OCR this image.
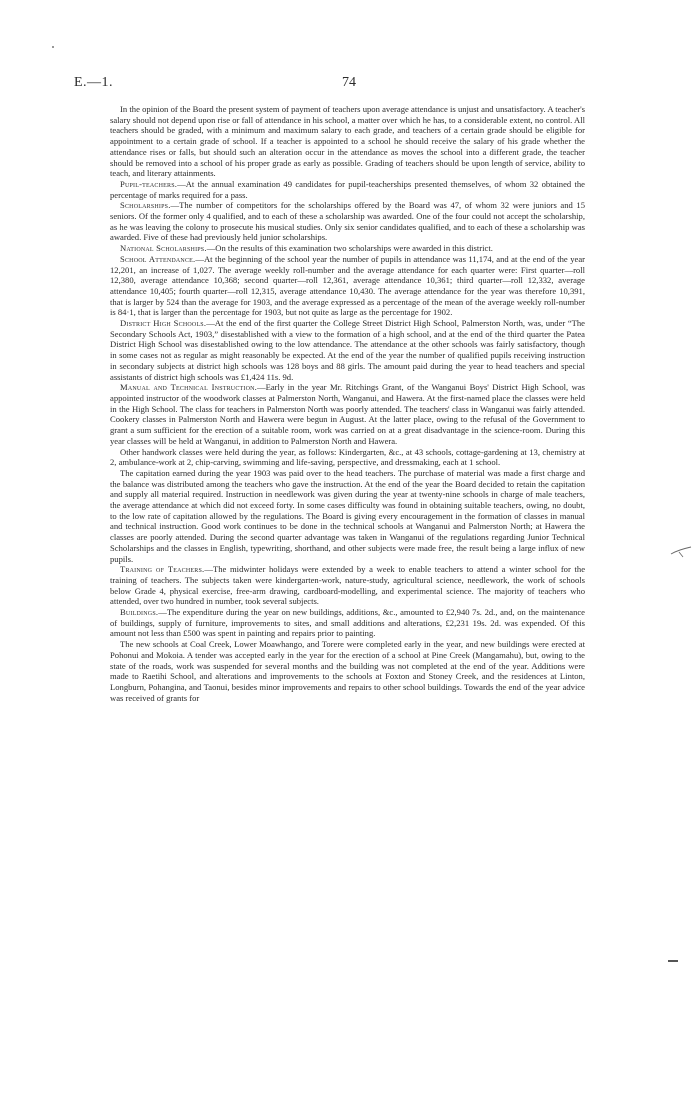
E.—1.	74

In the opinion of the Board the present system of payment of teachers upon average attendance is unjust and unsatisfactory. A teacher's salary should not depend upon rise or fall of attendance in his school, a matter over which he has, to a considerable extent, no control. All teachers should be graded, with a minimum and maximum salary to each grade, and teachers of a certain grade should be eligible for appointment to a certain grade of school. If a teacher is appointed to a school he should receive the salary of his grade whether the attendance rises or falls, but should such an alteration occur in the attendance as moves the school into a different grade, the teacher should be removed into a school of his proper grade as early as possible. Grading of teachers should be upon length of service, ability to teach, and literary attainments.

Pupil-teachers.—At the annual examination 49 candidates for pupil-teacherships presented themselves, of whom 32 obtained the percentage of marks required for a pass.

Scholarships.—The number of competitors for the scholarships offered by the Board was 47, of whom 32 were juniors and 15 seniors. Of the former only 4 qualified, and to each of these a scholarship was awarded. One of the four could not accept the scholarship, as he was leaving the colony to prosecute his musical studies. Only six senior candidates qualified, and to each of these a scholarship was awarded. Five of these had previously held junior scholarships.

National Scholarships.—On the results of this examination two scholarships were awarded in this district.

School Attendance.—At the beginning of the school year the number of pupils in attendance was 11,174, and at the end of the year 12,201, an increase of 1,027. The average weekly roll-number and the average attendance for each quarter were: First quarter—roll 12,380, average attendance 10,368; second quarter—roll 12,361, average attendance 10,361; third quarter—roll 12,332, average attendance 10,405; fourth quarter—roll 12,315, average attendance 10,430. The average attendance for the year was therefore 10,391, that is larger by 524 than the average for 1903, and the average expressed as a percentage of the mean of the average weekly roll-number is 84·1, that is larger than the percentage for 1903, but not quite as large as the percentage for 1902.

District High Schools.—At the end of the first quarter the College Street District High School, Palmerston North, was, under “The Secondary Schools Act, 1903,” disestablished with a view to the formation of a high school, and at the end of the third quarter the Patea District High School was disestablished owing to the low attendance. The attendance at the other schools was fairly satisfactory, though in some cases not as regular as might reasonably be expected. At the end of the year the number of qualified pupils receiving instruction in secondary subjects at district high schools was 128 boys and 88 girls. The amount paid during the year to head teachers and special assistants of district high schools was £1,424 11s. 9d.

Manual and Technical Instruction.—Early in the year Mr. Ritchings Grant, of the Wanganui Boys' District High School, was appointed instructor of the woodwork classes at Palmerston North, Wanganui, and Hawera. At the first-named place the classes were held in the High School. The class for teachers in Palmerston North was poorly attended. The teachers' class in Wanganui was fairly attended. Cookery classes in Palmerston North and Hawera were begun in August. At the latter place, owing to the refusal of the Government to grant a sum sufficient for the erection of a suitable room, work was carried on at a great disadvantage in the science-room. During this year classes will be held at Wanganui, in addition to Palmerston North and Hawera.

Other handwork classes were held during the year, as follows: Kindergarten, &c., at 43 schools, cottage-gardening at 13, chemistry at 2, ambulance-work at 2, chip-carving, swimming and life-saving, perspective, and dressmaking, each at 1 school.

The capitation earned during the year 1903 was paid over to the head teachers. The purchase of material was made a first charge and the balance was distributed among the teachers who gave the instruction. At the end of the year the Board decided to retain the capitation and supply all material required. Instruction in needlework was given during the year at twenty-nine schools in charge of male teachers, the average attendance at which did not exceed forty. In some cases difficulty was found in obtaining suitable teachers, owing, no doubt, to the low rate of capitation allowed by the regulations. The Board is giving every encouragement in the formation of classes in manual and technical instruction. Good work continues to be done in the technical schools at Wanganui and Palmerston North; at Hawera the classes are poorly attended. During the second quarter advantage was taken in Wanganui of the regulations regarding Junior Technical Scholarships and the classes in English, typewriting, shorthand, and other subjects were made free, the result being a large influx of new pupils.

Training of Teachers.—The midwinter holidays were extended by a week to enable teachers to attend a winter school for the training of teachers. The subjects taken were kindergarten-work, nature-study, agricultural science, needlework, the work of schools below Grade 4, physical exercise, free-arm drawing, cardboard-modelling, and experimental science. The majority of teachers who attended, over two hundred in number, took several subjects.

Buildings.—The expenditure during the year on new buildings, additions, &c., amounted to £2,940 7s. 2d., and, on the maintenance of buildings, supply of furniture, improvements to sites, and small additions and alterations, £2,231 19s. 2d. was expended. Of this amount not less than £500 was spent in painting and repairs prior to painting.

The new schools at Coal Creek, Lower Moawhango, and Torere were completed early in the year, and new buildings were erected at Pohonui and Mokoia. A tender was accepted early in the year for the erection of a school at Pine Creek (Mangamahu), but, owing to the state of the roads, work was suspended for several months and the building was not completed at the end of the year. Additions were made to Raetihi School, and alterations and improvements to the schools at Foxton and Stoney Creek, and the residences at Linton, Longburn, Pohangina, and Taonui, besides minor improvements and repairs to other school buildings. Towards the end of the year advice was received of grants for
